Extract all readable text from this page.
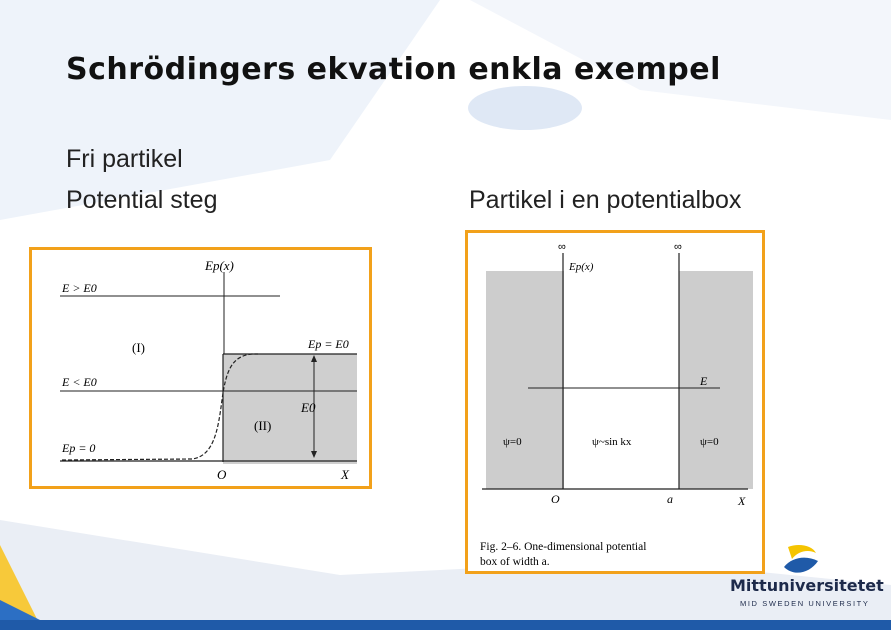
Schrödingers ekvation enkla exempel
Fri partikel
Potential steg	Partikel i en potentialbox
Ep(x)
E > E0
E < E0
Ep = 0
Ep = E0
(I)
(II)
E0
O	X
∞	∞
Ep(x)
E
ψ=0	ψ~sin kx	ψ=0
O	a	X
Fig. 2–6. One-dimensional potential
box of width a.
Mittuniversitetet
MID SWEDEN UNIVERSITY
